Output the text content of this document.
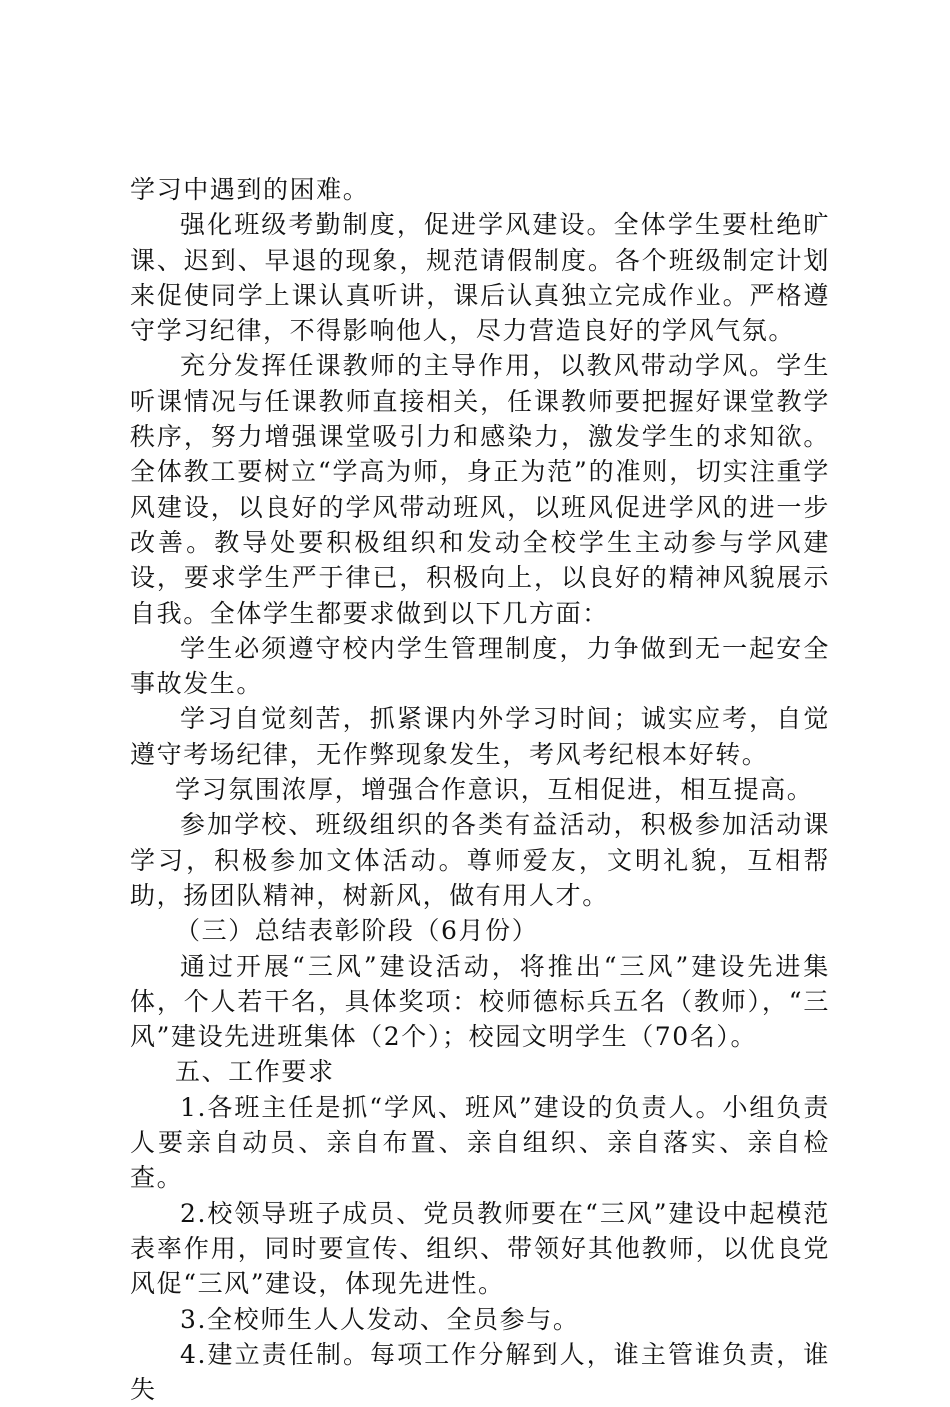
学习中遇到的困难。

强化班级考勤制度，促进学风建设。全体学生要杜绝旷课、迟到、早退的现象，规范请假制度。各个班级制定计划来促使同学上课认真听讲，课后认真独立完成作业。严格遵守学习纪律，不得影响他人，尽力营造良好的学风气氛。

充分发挥任课教师的主导作用，以教风带动学风。学生听课情况与任课教师直接相关，任课教师要把握好课堂教学秩序，努力增强课堂吸引力和感染力，激发学生的求知欲。全体教工要树立“学高为师，身正为范”的准则，切实注重学风建设，以良好的学风带动班风，以班风促进学风的进一步改善。教导处要积极组织和发动全校学生主动参与学风建设，要求学生严于律已，积极向上，以良好的精神风貌展示自我。全体学生都要求做到以下几方面：

学生必须遵守校内学生管理制度，力争做到无一起安全事故发生。

学习自觉刻苦，抓紧课内外学习时间；诚实应考，自觉遵守考场纪律，无作弊现象发生，考风考纪根本好转。

学习氛围浓厚，增强合作意识，互相促进，相互提高。

参加学校、班级组织的各类有益活动，积极参加活动课学习，积极参加文体活动。尊师爱友，文明礼貌，互相帮助，扬团队精神，树新风，做有用人才。

（三）总结表彰阶段（6月份）

通过开展“三风”建设活动，将推出“三风”建设先进集体，个人若干名，具体奖项：校师德标兵五名（教师），“三风”建设先进班集体（2个）；校园文明学生（70名）。

五、工作要求

1.各班主任是抓“学风、班风”建设的负责人。小组负责人要亲自动员、亲自布置、亲自组织、亲自落实、亲自检查。

2.校领导班子成员、党员教师要在“三风”建设中起模范表率作用，同时要宣传、组织、带领好其他教师，以优良党风促“三风”建设，体现先进性。

3.全校师生人人发动、全员参与。

4.建立责任制。每项工作分解到人，谁主管谁负责，谁失
